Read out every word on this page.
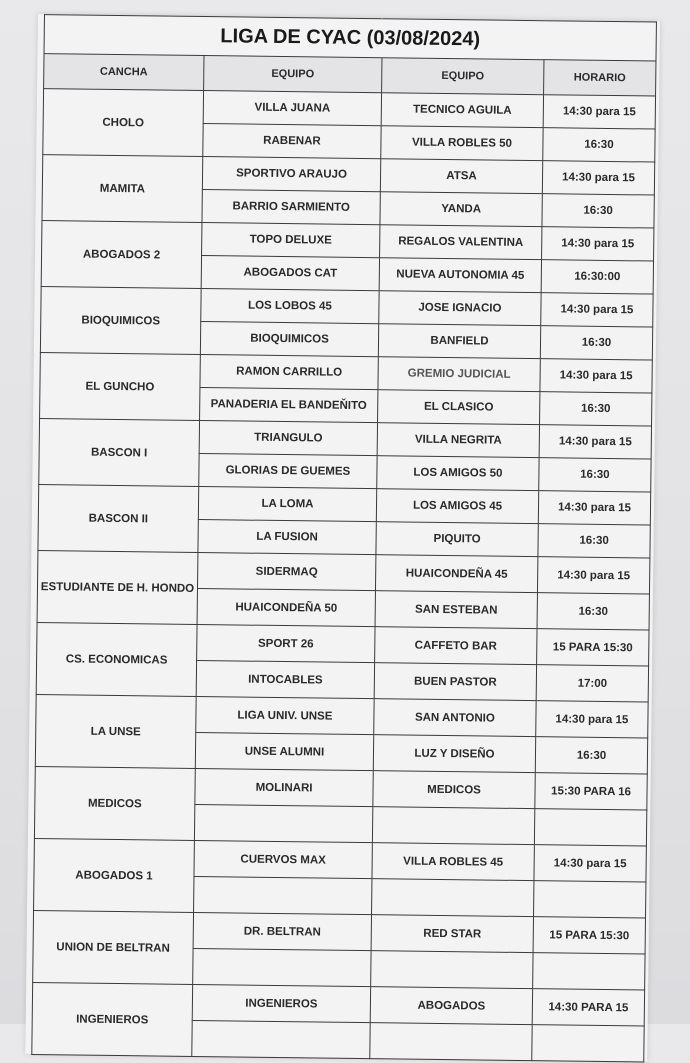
LIGA DE CYAC (03/08/2024)			
CANCHA	EQUIPO	EQUIPO	HORARIO
CHOLO	VILLA JUANA	TECNICO AGUILA	14:30 para 15
	RABENAR	VILLA ROBLES 50	16:30
MAMITA	SPORTIVO ARAUJO	ATSA	14:30 para 15
	BARRIO SARMIENTO	YANDA	16:30
ABOGADOS 2	TOPO DELUXE	REGALOS VALENTINA	14:30 para 15
	ABOGADOS CAT	NUEVA AUTONOMIA 45	16:30:00
BIOQUIMICOS	LOS LOBOS 45	JOSE IGNACIO	14:30 para 15
	BIOQUIMICOS	BANFIELD	16:30
EL GUNCHO	RAMON CARRILLO	GREMIO JUDICIAL	14:30 para 15
	PANADERIA EL BANDEŇITO	EL CLASICO	16:30
BASCON I	TRIANGULO	VILLA NEGRITA	14:30 para 15
	GLORIAS DE GUEMES	LOS AMIGOS 50	16:30
BASCON II	LA LOMA	LOS AMIGOS 45	14:30 para 15
	LA FUSION	PIQUITO	16:30
ESTUDIANTE DE H. HONDO	SIDERMAQ	HUAICONDEÑA 45	14:30 para 15
	HUAICONDEÑA 50	SAN ESTEBAN	16:30
CS. ECONOMICAS	SPORT 26	CAFFETO BAR	15 PARA 15:30
	INTOCABLES	BUEN PASTOR	17:00
LA UNSE	LIGA UNIV. UNSE	SAN ANTONIO	14:30 para 15
	UNSE ALUMNI	LUZ Y DISEÑO	16:30
MEDICOS	MOLINARI	MEDICOS	15:30 PARA 16

ABOGADOS 1	CUERVOS MAX	VILLA ROBLES 45	14:30 para 15

UNION DE BELTRAN	DR. BELTRAN	RED STAR	15 PARA 15:30

INGENIEROS	INGENIEROS	ABOGADOS	14:30 PARA 15
